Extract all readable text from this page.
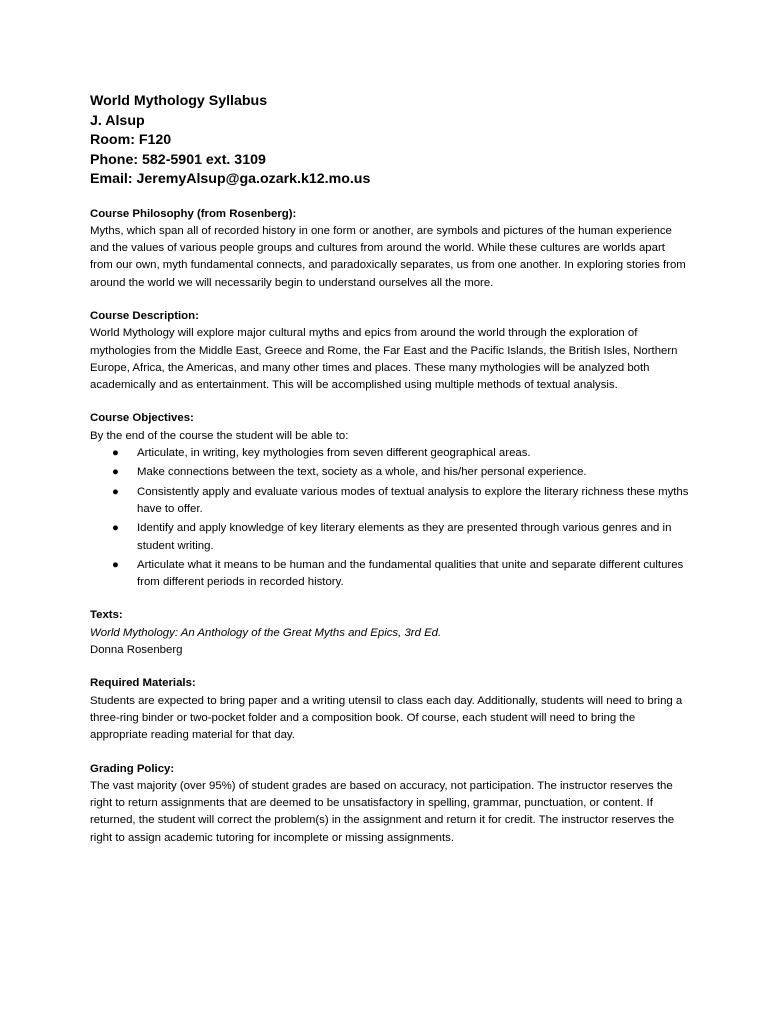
World Mythology Syllabus

J. Alsup

Room: F120

Phone: 582-5901 ext. 3109

Email: JeremyAlsup@ga.ozark.k12.mo.us

Course Philosophy (from Rosenberg):

Myths, which span all of recorded history in one form or another, are symbols and pictures of the human experience and the values of various people groups and cultures from around the world. While these cultures are worlds apart from our own, myth fundamental connects, and paradoxically separates, us from one another. In exploring stories from around the world we will necessarily begin to understand ourselves all the more.

Course Description:

World Mythology will explore major cultural myths and epics from around the world through the exploration of mythologies from the Middle East, Greece and Rome, the Far East and the Pacific Islands, the British Isles, Northern Europe, Africa, the Americas, and many other times and places. These many mythologies will be analyzed both academically and as entertainment. This will be accomplished using multiple methods of textual analysis.

Course Objectives:

By the end of the course the student will be able to:

● Articulate, in writing, key mythologies from seven different geographical areas.
● Make connections between the text, society as a whole, and his/her personal experience.
● Consistently apply and evaluate various modes of textual analysis to explore the literary richness these myths have to offer.
● Identify and apply knowledge of key literary elements as they are presented through various genres and in student writing.
● Articulate what it means to be human and the fundamental qualities that unite and separate different cultures from different periods in recorded history.

Texts:

World Mythology: An Anthology of the Great Myths and Epics, 3rd Ed.

Donna Rosenberg

Required Materials:

Students are expected to bring paper and a writing utensil to class each day. Additionally, students will need to bring a three-ring binder or two-pocket folder and a composition book. Of course, each student will need to bring the appropriate reading material for that day.

Grading Policy:

The vast majority (over 95%) of student grades are based on accuracy, not participation. The instructor reserves the right to return assignments that are deemed to be unsatisfactory in spelling, grammar, punctuation, or content. If returned, the student will correct the problem(s) in the assignment and return it for credit. The instructor reserves the right to assign academic tutoring for incomplete or missing assignments.
